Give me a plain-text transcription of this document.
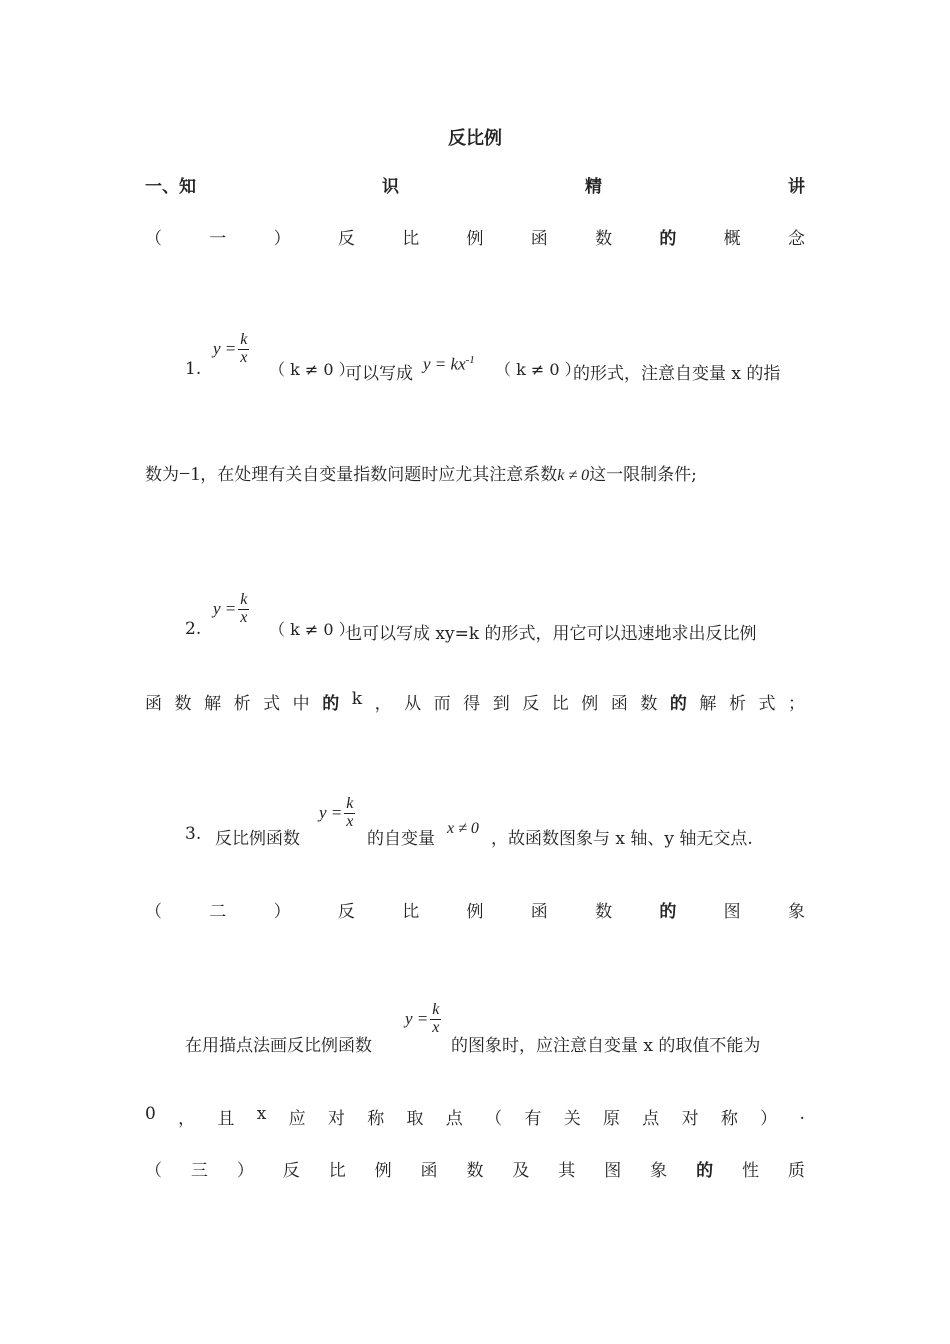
反比例
一、知	识	精	讲
（	一	）	反	比	例	函	数	的	概	念
1.
$y = \frac{k}{x}$
（ k ≠ 0 ）
可以写成 $y = kx^{-1}$ （ k ≠ 0 ）
的形式，注意自变量 x 的指
数为−1，在处理有关自变量指数问题时应尤其注意系数k ≠ 0这一限制条件;
2.
$y = \frac{k}{x}$
（ k ≠ 0 ）
也可以写成 xy=k 的形式，用它可以迅速地求出反比例
函 数 解 析 式 中 的 k ， 从 而 得 到 反 比 例 函 数 的 解 析 式 ；
3. 反比例函数
$y = \frac{k}{x}$
的自变量
x ≠ 0
，故函数图象与 x 轴、y 轴无交点.
（	二	）	反	比	例	函	数	的	图	象
在用描点法画反比例函数
$y = \frac{k}{x}$
的图象时，应注意自变量 x 的取值不能为
0 ， 且 x 应 对 称 取 点 （ 有 关 原 点 对 称 ） .
（ 三 ） 反 比 例 函 数 及 其 图 象 的 性 质
